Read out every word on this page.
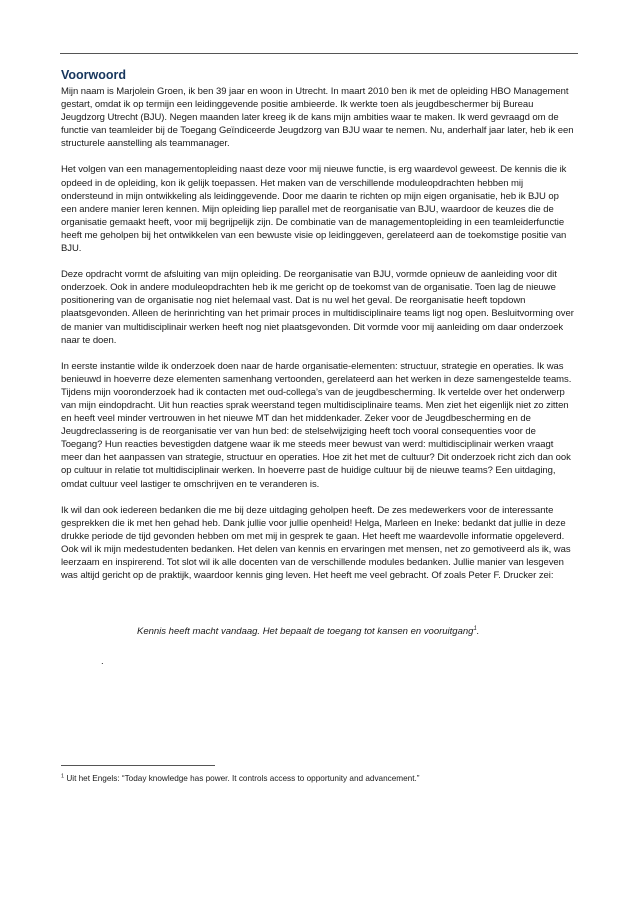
Voorwoord

Mijn naam is Marjolein Groen, ik ben 39 jaar en woon in Utrecht. In maart 2010 ben ik met de opleiding HBO Management gestart, omdat ik op termijn een leidinggevende positie ambieerde. Ik werkte toen als jeugdbeschermer bij Bureau Jeugdzorg Utrecht (BJU). Negen maanden later kreeg ik de kans mijn ambities waar te maken. Ik werd gevraagd om de functie van teamleider bij de Toegang Geïndiceerde Jeugdzorg van BJU waar te nemen. Nu, anderhalf jaar later, heb ik een structurele aanstelling als teammanager.

Het volgen van een managementopleiding naast deze voor mij nieuwe functie, is erg waardevol geweest. De kennis die ik opdeed in de opleiding, kon ik gelijk toepassen. Het maken van de verschillende moduleopdrachten hebben mij ondersteund in mijn ontwikkeling als leidinggevende. Door me daarin te richten op mijn eigen organisatie, heb ik BJU op een andere manier leren kennen. Mijn opleiding liep parallel met de reorganisatie van BJU, waardoor de keuzes die de organisatie gemaakt heeft, voor mij begrijpelijk zijn. De combinatie van de managementopleiding in een teamleiderfunctie heeft me geholpen bij het ontwikkelen van een bewuste visie op leidinggeven, gerelateerd aan de toekomstige positie van BJU.

Deze opdracht vormt de afsluiting van mijn opleiding. De reorganisatie van BJU, vormde opnieuw de aanleiding voor dit onderzoek. Ook in andere moduleopdrachten heb ik me gericht op de toekomst van de organisatie. Toen lag de nieuwe positionering van de organisatie nog niet helemaal vast. Dat is nu wel het geval. De reorganisatie heeft topdown plaatsgevonden. Alleen de herinrichting van het primair proces in multidisciplinaire teams ligt nog open. Besluitvorming over de manier van multidisciplinair werken heeft nog niet plaatsgevonden. Dit vormde voor mij aanleiding om daar onderzoek naar te doen.

In eerste instantie wilde ik onderzoek doen naar de harde organisatie-elementen: structuur, strategie en operaties. Ik was benieuwd in hoeverre deze elementen samenhang vertoonden, gerelateerd aan het werken in deze samengestelde teams. Tijdens mijn vooronderzoek had ik contacten met oud-collega’s van de jeugdbescherming. Ik vertelde over het onderwerp van mijn eindopdracht. Uit hun reacties sprak weerstand tegen multidisciplinaire teams. Men ziet het eigenlijk niet zo zitten en heeft veel minder vertrouwen in het nieuwe MT dan het middenkader. Zeker voor de Jeugdbescherming en de Jeugdreclassering is de reorganisatie ver van hun bed: de stelselwijziging heeft toch vooral consequenties voor de Toegang? Hun reacties bevestigden datgene waar ik me steeds meer bewust van werd: multidisciplinair werken vraagt meer dan het aanpassen van strategie, structuur en operaties. Hoe zit het met de cultuur? Dit onderzoek richt zich dan ook op cultuur in relatie tot multidisciplinair werken. In hoeverre past de huidige cultuur bij de nieuwe teams? Een uitdaging, omdat cultuur veel lastiger te omschrijven en te veranderen is.

Ik wil dan ook iedereen bedanken die me bij deze uitdaging geholpen heeft. De zes medewerkers voor de interessante gesprekken die ik met hen gehad heb. Dank jullie voor jullie openheid! Helga, Marleen en Ineke: bedankt dat jullie in deze drukke periode de tijd gevonden hebben om met mij in gesprek te gaan. Het heeft me waardevolle informatie opgeleverd. Ook wil ik mijn medestudenten bedanken. Het delen van kennis en ervaringen met mensen, net zo gemotiveerd als ik, was leerzaam en inspirerend. Tot slot wil ik alle docenten van de verschillende modules bedanken. Jullie manier van lesgeven was altijd gericht op de praktijk, waardoor kennis ging leven. Het heeft me veel gebracht. Of zoals Peter F. Drucker zei:

Kennis heeft macht vandaag. Het bepaalt de toegang tot kansen en vooruitgang$^1$.
.
$^1$ Uit het Engels: “Today knowledge has power. It controls access to opportunity and advancement.”
